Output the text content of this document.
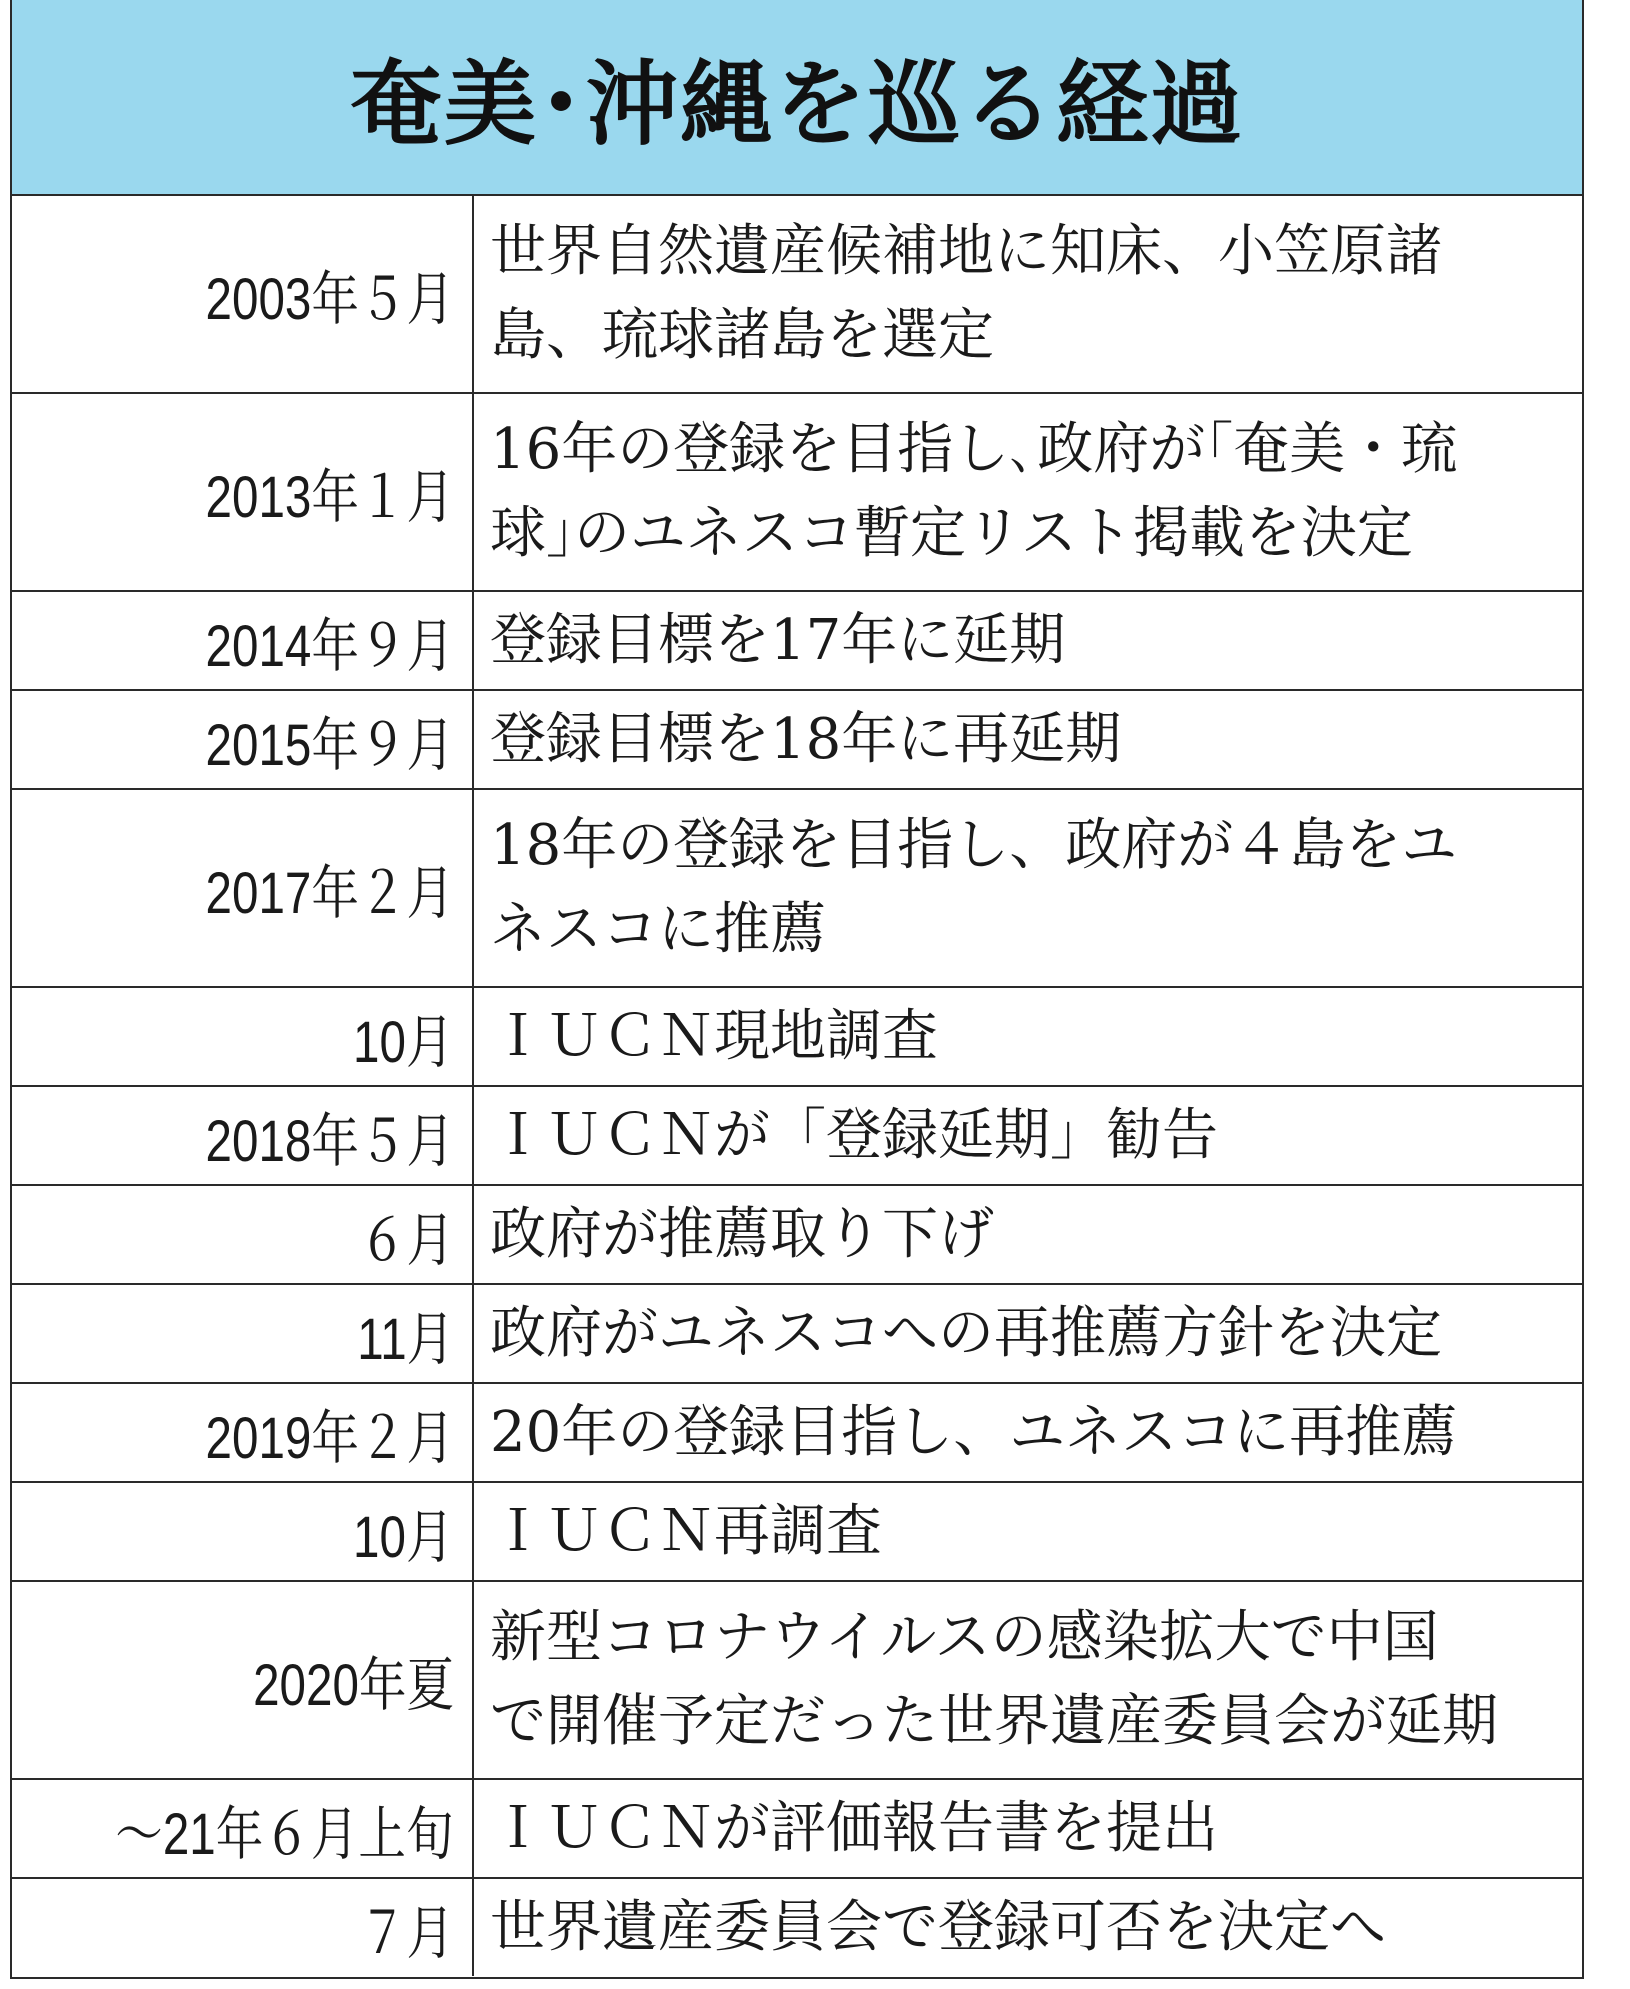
奄美･沖縄を巡る経過
2003年５月
世界自然遺産候補地に知床、小笠原諸
島、琉球諸島を選定
2013年１月
16年の登録を目指し､政府が｢奄美・琉
球｣のユネスコ暫定リスト掲載を決定
2014年９月 登録目標を17年に延期
2015年９月 登録目標を18年に再延期
2017年２月
18年の登録を目指し、政府が４島をユ
ネスコに推薦
10月 ＩＵＣＮ現地調査
2018年５月 ＩＵＣＮが「登録延期」勧告
６月 政府が推薦取り下げ
11月 政府がユネスコへの再推薦方針を決定
2019年２月 20年の登録目指し、ユネスコに再推薦
10月 ＩＵＣＮ再調査
2020年夏
新型コロナウイルスの感染拡大で中国
で開催予定だった世界遺産委員会が延期
〜21年６月上旬 ＩＵＣＮが評価報告書を提出
７月 世界遺産委員会で登録可否を決定へ
